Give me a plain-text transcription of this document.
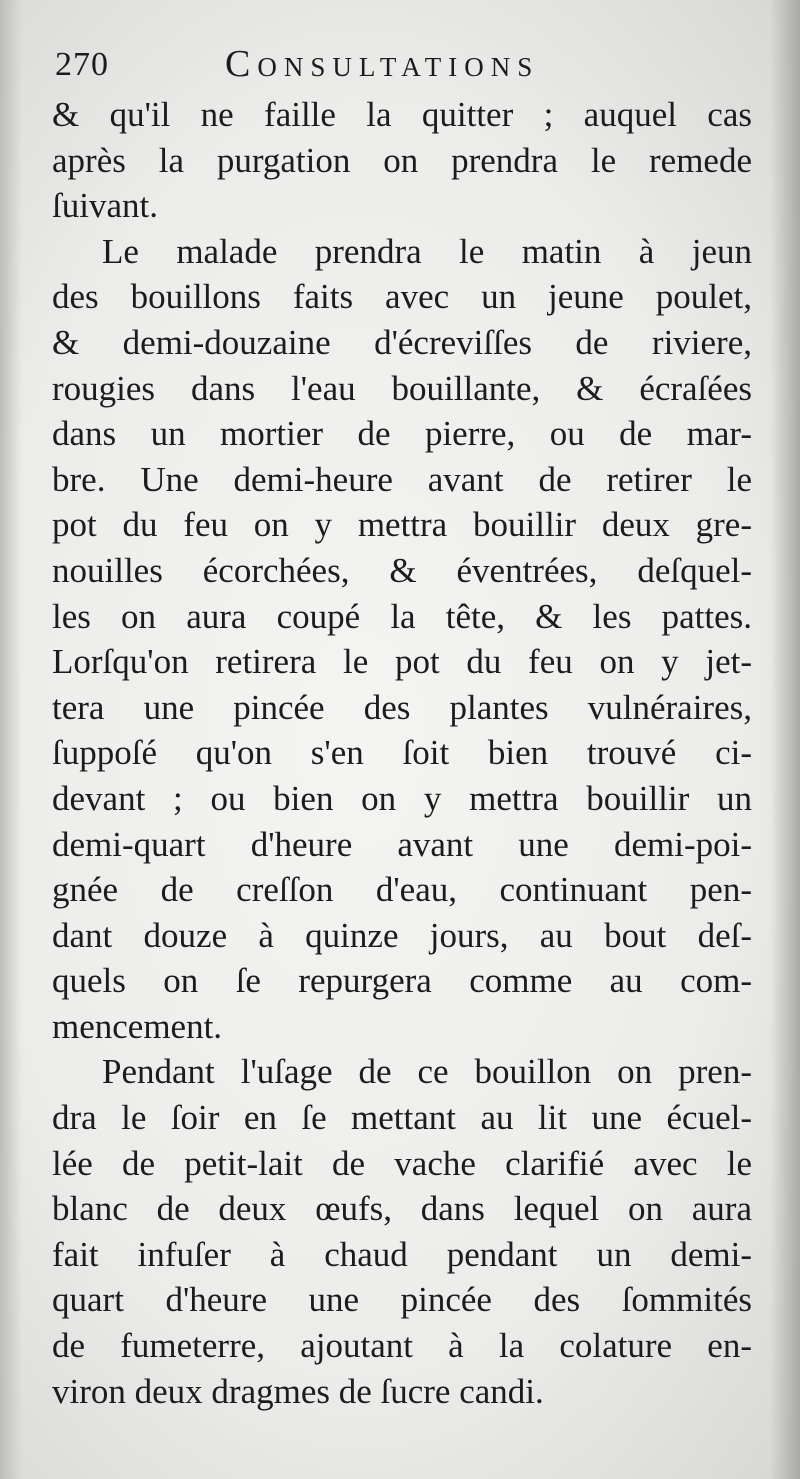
270	Consultations
& qu'il ne faille la quitter ; auquel cas
après la purgation on prendra le remede
ſuivant.
Le malade prendra le matin à jeun
des bouillons faits avec un jeune poulet,
& demi-douzaine d'écreviſſes de riviere,
rougies dans l'eau bouillante, & écraſées
dans un mortier de pierre, ou de mar-
bre. Une demi-heure avant de retirer le
pot du feu on y mettra bouillir deux gre-
nouilles écorchées, & éventrées, deſquel-
les on aura coupé la tête, & les pattes.
Lorſqu'on retirera le pot du feu on y jet-
tera une pincée des plantes vulnéraires,
ſuppoſé qu'on s'en ſoit bien trouvé ci-
devant ; ou bien on y mettra bouillir un
demi-quart d'heure avant une demi-poi-
gnée de creſſon d'eau, continuant pen-
dant douze à quinze jours, au bout deſ-
quels on ſe repurgera comme au com-
mencement.
Pendant l'uſage de ce bouillon on pren-
dra le ſoir en ſe mettant au lit une écuel-
lée de petit-lait de vache clarifié avec le
blanc de deux œufs, dans lequel on aura
fait infuſer à chaud pendant un demi-
quart d'heure une pincée des ſommités
de fumeterre, ajoutant à la colature en-
viron deux dragmes de ſucre candi.
